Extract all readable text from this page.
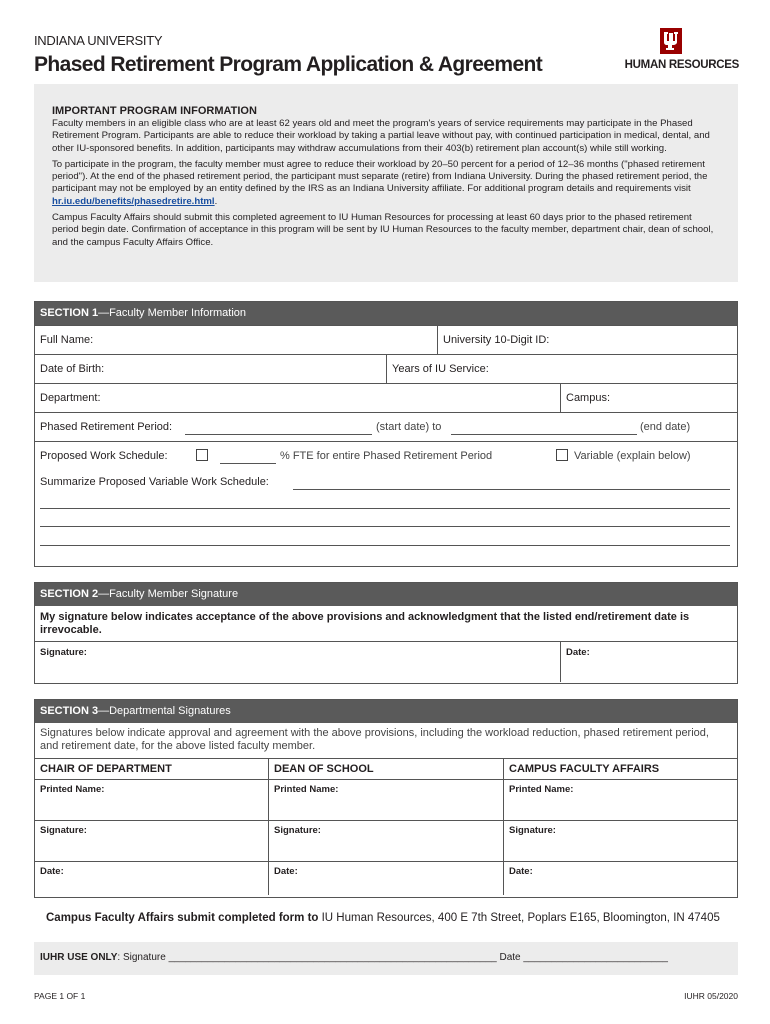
INDIANA UNIVERSITY
Phased Retirement Program Application & Agreement	HUMAN RESOURCES
IMPORTANT PROGRAM INFORMATION

Faculty members in an eligible class who are at least 62 years old and meet the program's years of service requirements may participate in the Phased Retirement Program. Participants are able to reduce their workload by taking a partial leave without pay, with continued participation in medical, dental, and other IU-sponsored benefits. In addition, participants may withdraw accumulations from their 403(b) retirement plan account(s) while still working.

To participate in the program, the faculty member must agree to reduce their workload by 20–50 percent for a period of 12–36 months ("phased retirement period"). At the end of the phased retirement period, the participant must separate (retire) from Indiana University. During the phased retirement period, the participant may not be employed by an entity defined by the IRS as an Indiana University affiliate. For additional program details and requirements visit hr.iu.edu/benefits/phasedretire.html.

Campus Faculty Affairs should submit this completed agreement to IU Human Resources for processing at least 60 days prior to the phased retirement period begin date. Confirmation of acceptance in this program will be sent by IU Human Resources to the faculty member, department chair, dean of school, and the campus Faculty Affairs Office.

SECTION 1—Faculty Member Information
Full Name:	University 10-Digit ID:
Date of Birth:	Years of IU Service:
Department:	Campus:
Phased Retirement Period:	(start date) to	(end date)
Proposed Work Schedule:	% FTE for entire Phased Retirement Period	Variable (explain below)
Summarize Proposed Variable Work Schedule:
SECTION 2—Faculty Member Signature
My signature below indicates acceptance of the above provisions and acknowledgment that the listed end/retirement date is irrevocable.
Signature:	Date:
SECTION 3—Departmental Signatures
Signatures below indicate approval and agreement with the above provisions, including the workload reduction, phased retirement period, and retirement date, for the above listed faculty member.
CHAIR OF DEPARTMENT	DEAN OF SCHOOL	CAMPUS FACULTY AFFAIRS
Printed Name:	Printed Name:	Printed Name:
Signature:	Signature:	Signature:
Date:	Date:	Date:
Campus Faculty Affairs submit completed form to IU Human Resources, 400 E 7th Street, Poplars E165, Bloomington, IN 47405
IUHR USE ONLY: Signature ___________________________________________________________ Date __________________________
PAGE 1 OF 1	IUHR 05/2020
